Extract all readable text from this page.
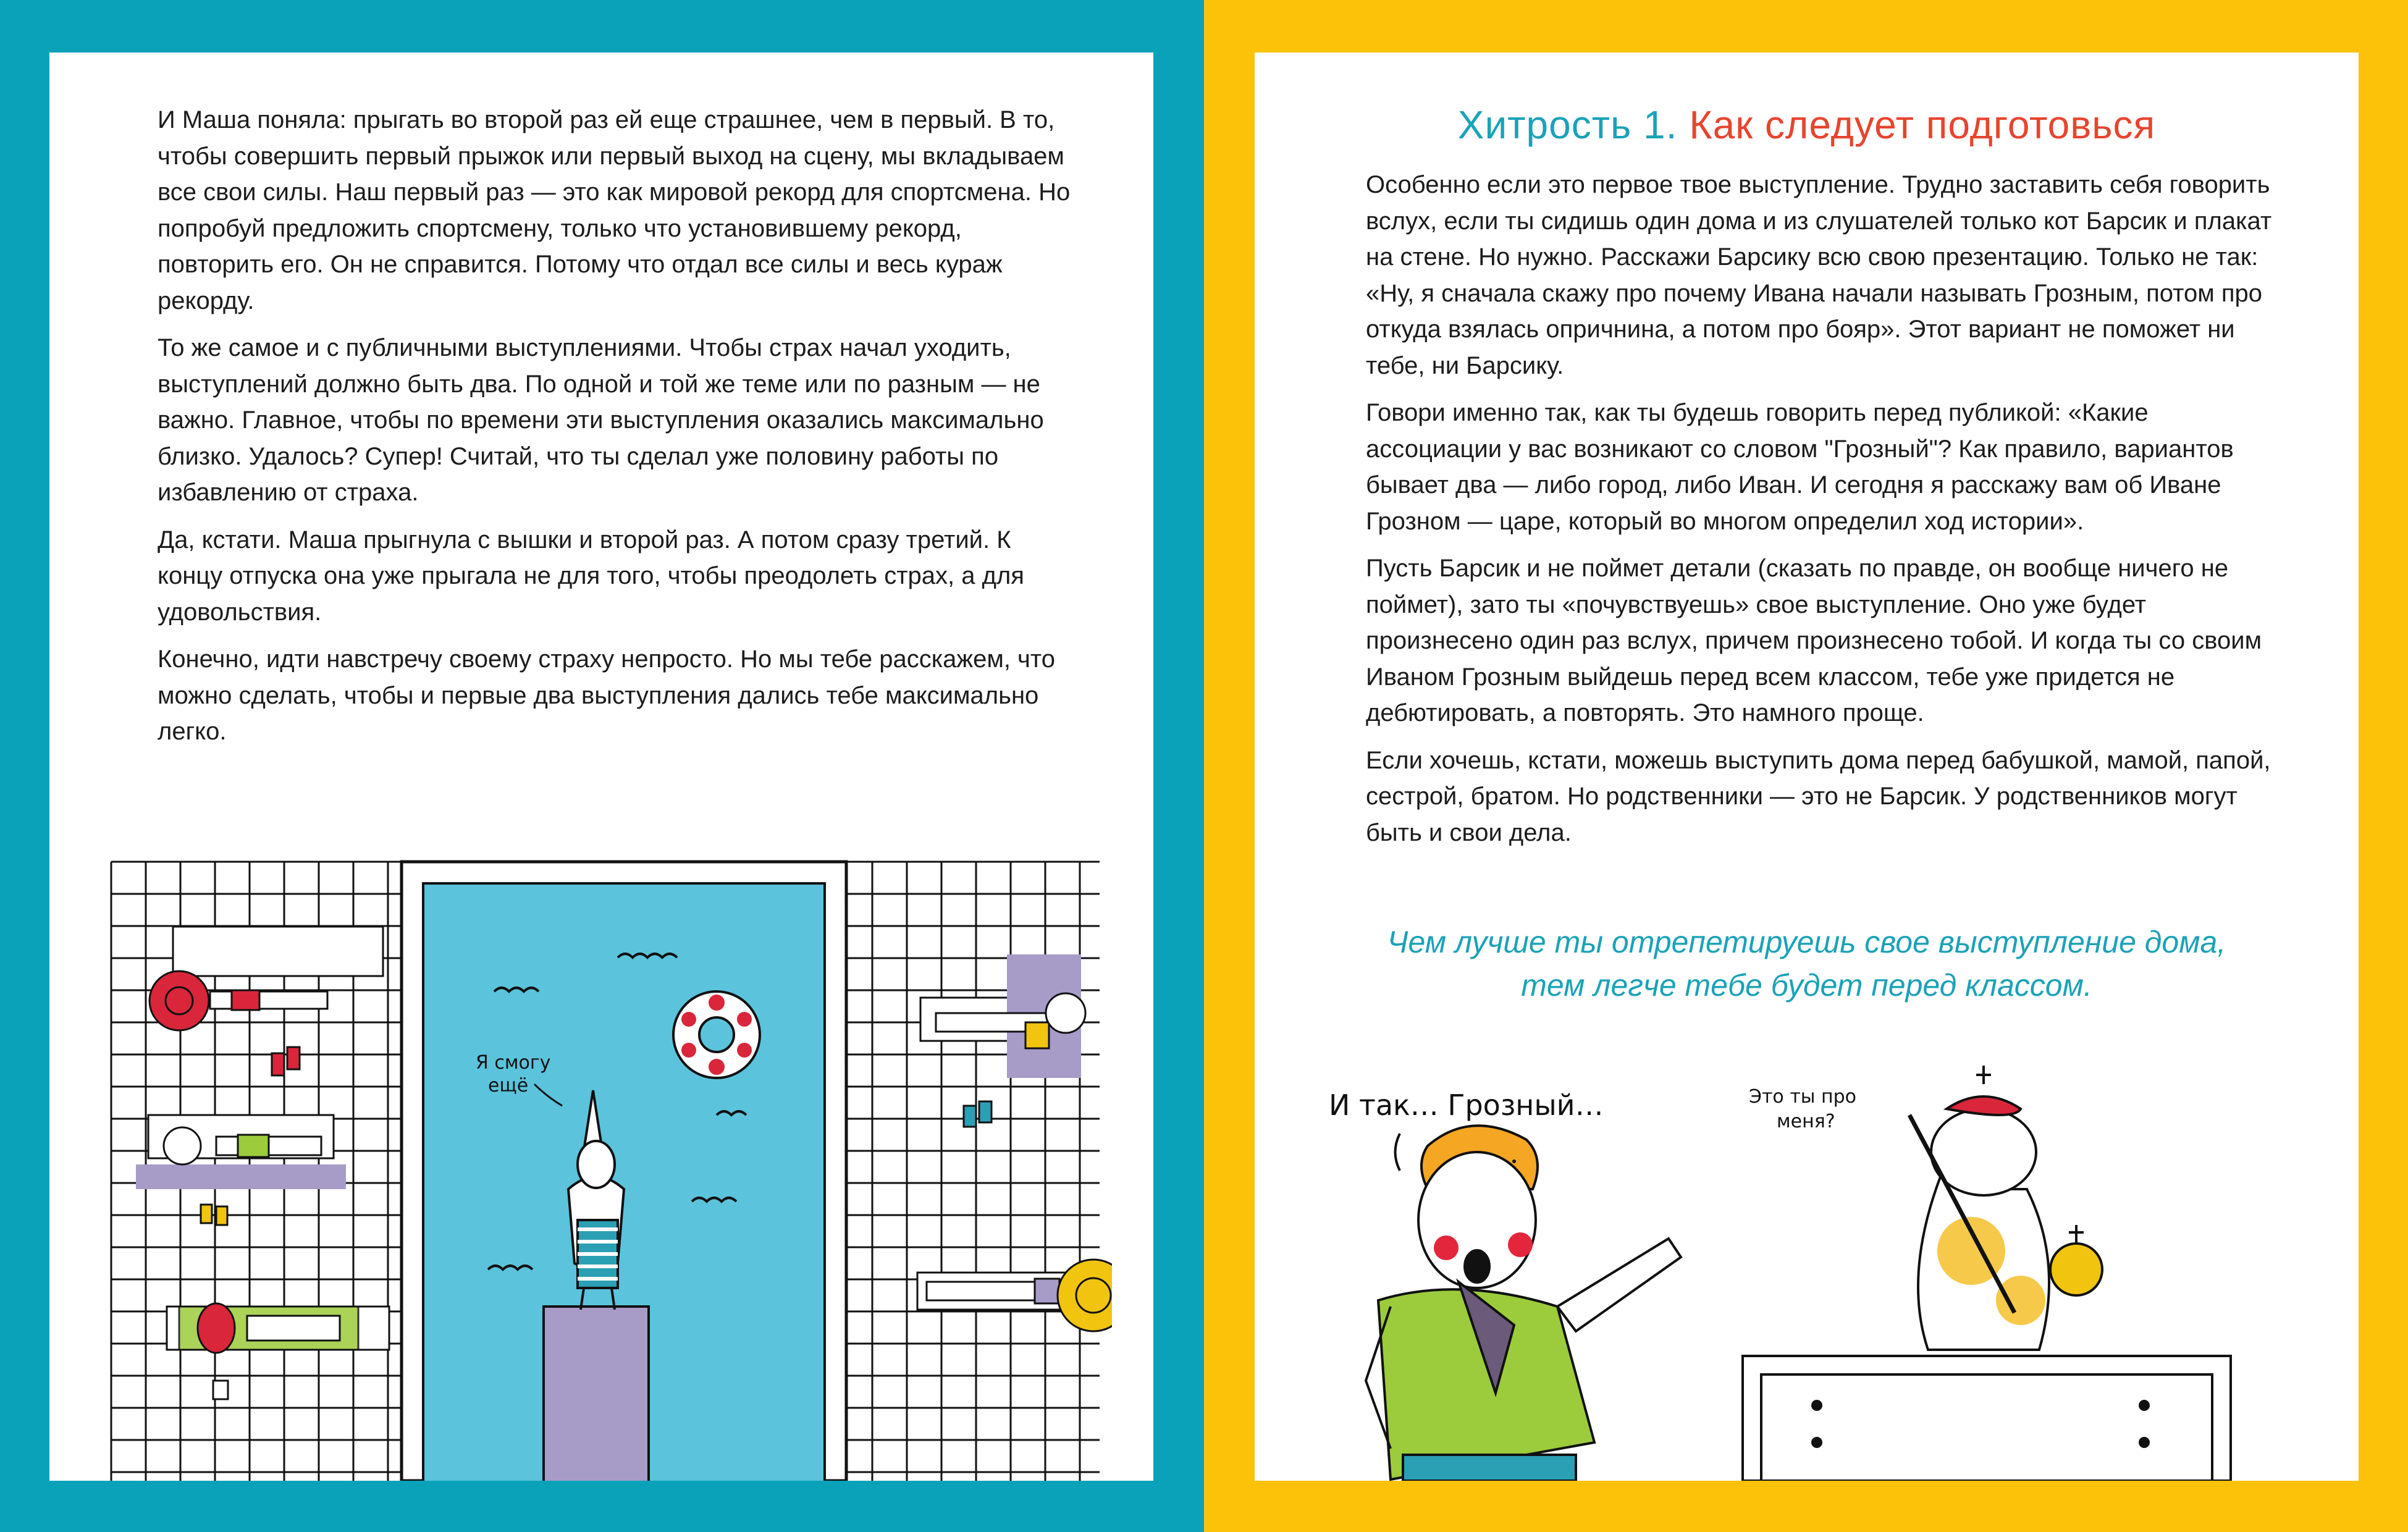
И Маша поняла: прыгать во второй раз ей еще страшнее, чем в первый. В то, чтобы совершить первый прыжок или первый выход на сцену, мы вкладываем все свои силы. Наш первый раз — это как мировой рекорд для спортсмена. Но попробуй предложить спортсмену, только что установившему рекорд, повторить его. Он не справится. Потому что отдал все силы и весь кураж рекорду.

То же самое и с публичными выступлениями. Чтобы страх начал уходить, выступлений должно быть два. По одной и той же теме или по разным — не важно. Главное, чтобы по времени эти выступления оказались максимально близко. Удалось? Супер! Считай, что ты сделал уже половину работы по избавлению от страха.

Да, кстати. Маша прыгнула с вышки и второй раз. А потом сразу третий. К концу отпуска она уже прыгала не для того, чтобы преодолеть страх, а для удовольствия.

Конечно, идти навстречу своему страху непросто. Но мы тебе расскажем, что можно сделать, чтобы и первые два выступления дались тебе максимально легко.

Я смогу
ещё
Хитрость 1. Как следует подготовься

Особенно если это первое твое выступление. Трудно заставить себя говорить вслух, если ты сидишь один дома и из слушателей только кот Барсик и плакат на стене. Но нужно. Расскажи Барсику всю свою презентацию. Только не так: «Ну, я сначала скажу про почему Ивана начали называть Грозным, потом про откуда взялась опричнина, а потом про бояр». Этот вариант не поможет ни тебе, ни Барсику.

Говори именно так, как ты будешь говорить перед публикой: «Какие ассоциации у вас возникают со словом "Грозный"? Как правило, вариантов бывает два — либо город, либо Иван. И сегодня я расскажу вам об Иване Грозном — царе, который во многом определил ход истории».

Пусть Барсик и не поймет детали (сказать по правде, он вообще ничего не поймет), зато ты «почувствуешь» свое выступление. Оно уже будет произнесено один раз вслух, причем произнесено тобой. И когда ты со своим Иваном Грозным выйдешь перед всем классом, тебе уже придется не дебютировать, а повторять. Это намного проще.

Если хочешь, кстати, можешь выступить дома перед бабушкой, мамой, папой, сестрой, братом. Но родственники — это не Барсик. У родственников могут быть и свои дела.

Чем лучше ты отрепетируешь свое выступление дома,
тем легче тебе будет перед классом.
И так… Грозный…	Это ты про
меня?
